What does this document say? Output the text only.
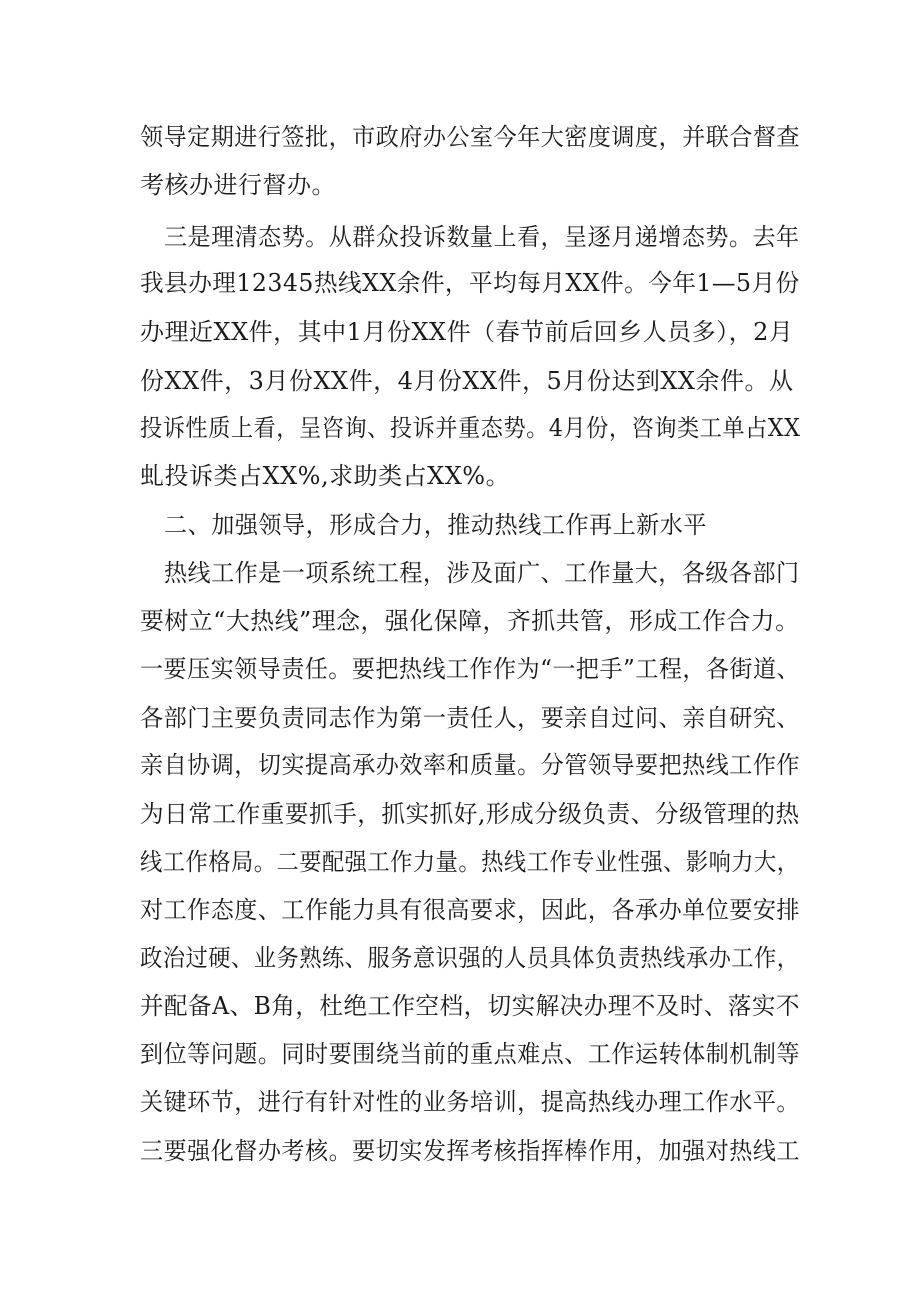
领导定期进行签批，市政府办公室今年大密度调度，并联合督查
考核办进行督办。
三是理清态势。从群众投诉数量上看，呈逐月递增态势。去年
我县办理12345热线XX余件，平均每月XX件。今年1—5月份
办理近XX件，其中1月份XX件（春节前后回乡人员多），2月
份XX件，3月份XX件，4月份XX件，5月份达到XX余件。从
投诉性质上看，呈咨询、投诉并重态势。4月份，咨询类工单占XX
虬投诉类占XX%,求助类占XX%。
二、加强领导，形成合力，推动热线工作再上新水平
热线工作是一项系统工程，涉及面广、工作量大，各级各部门
要树立“大热线”理念，强化保障，齐抓共管，形成工作合力。
一要压实领导责任。要把热线工作作为“一把手”工程，各街道、
各部门主要负责同志作为第一责任人，要亲自过问、亲自研究、
亲自协调，切实提高承办效率和质量。分管领导要把热线工作作
为日常工作重要抓手，抓实抓好,形成分级负责、分级管理的热
线工作格局。二要配强工作力量。热线工作专业性强、影响力大，
对工作态度、工作能力具有很高要求，因此，各承办单位要安排
政治过硬、业务熟练、服务意识强的人员具体负责热线承办工作，
并配备A、B角，杜绝工作空档，切实解决办理不及时、落实不
到位等问题。同时要围绕当前的重点难点、工作运转体制机制等
关键环节，进行有针对性的业务培训，提高热线办理工作水平。
三要强化督办考核。要切实发挥考核指挥棒作用，加强对热线工
